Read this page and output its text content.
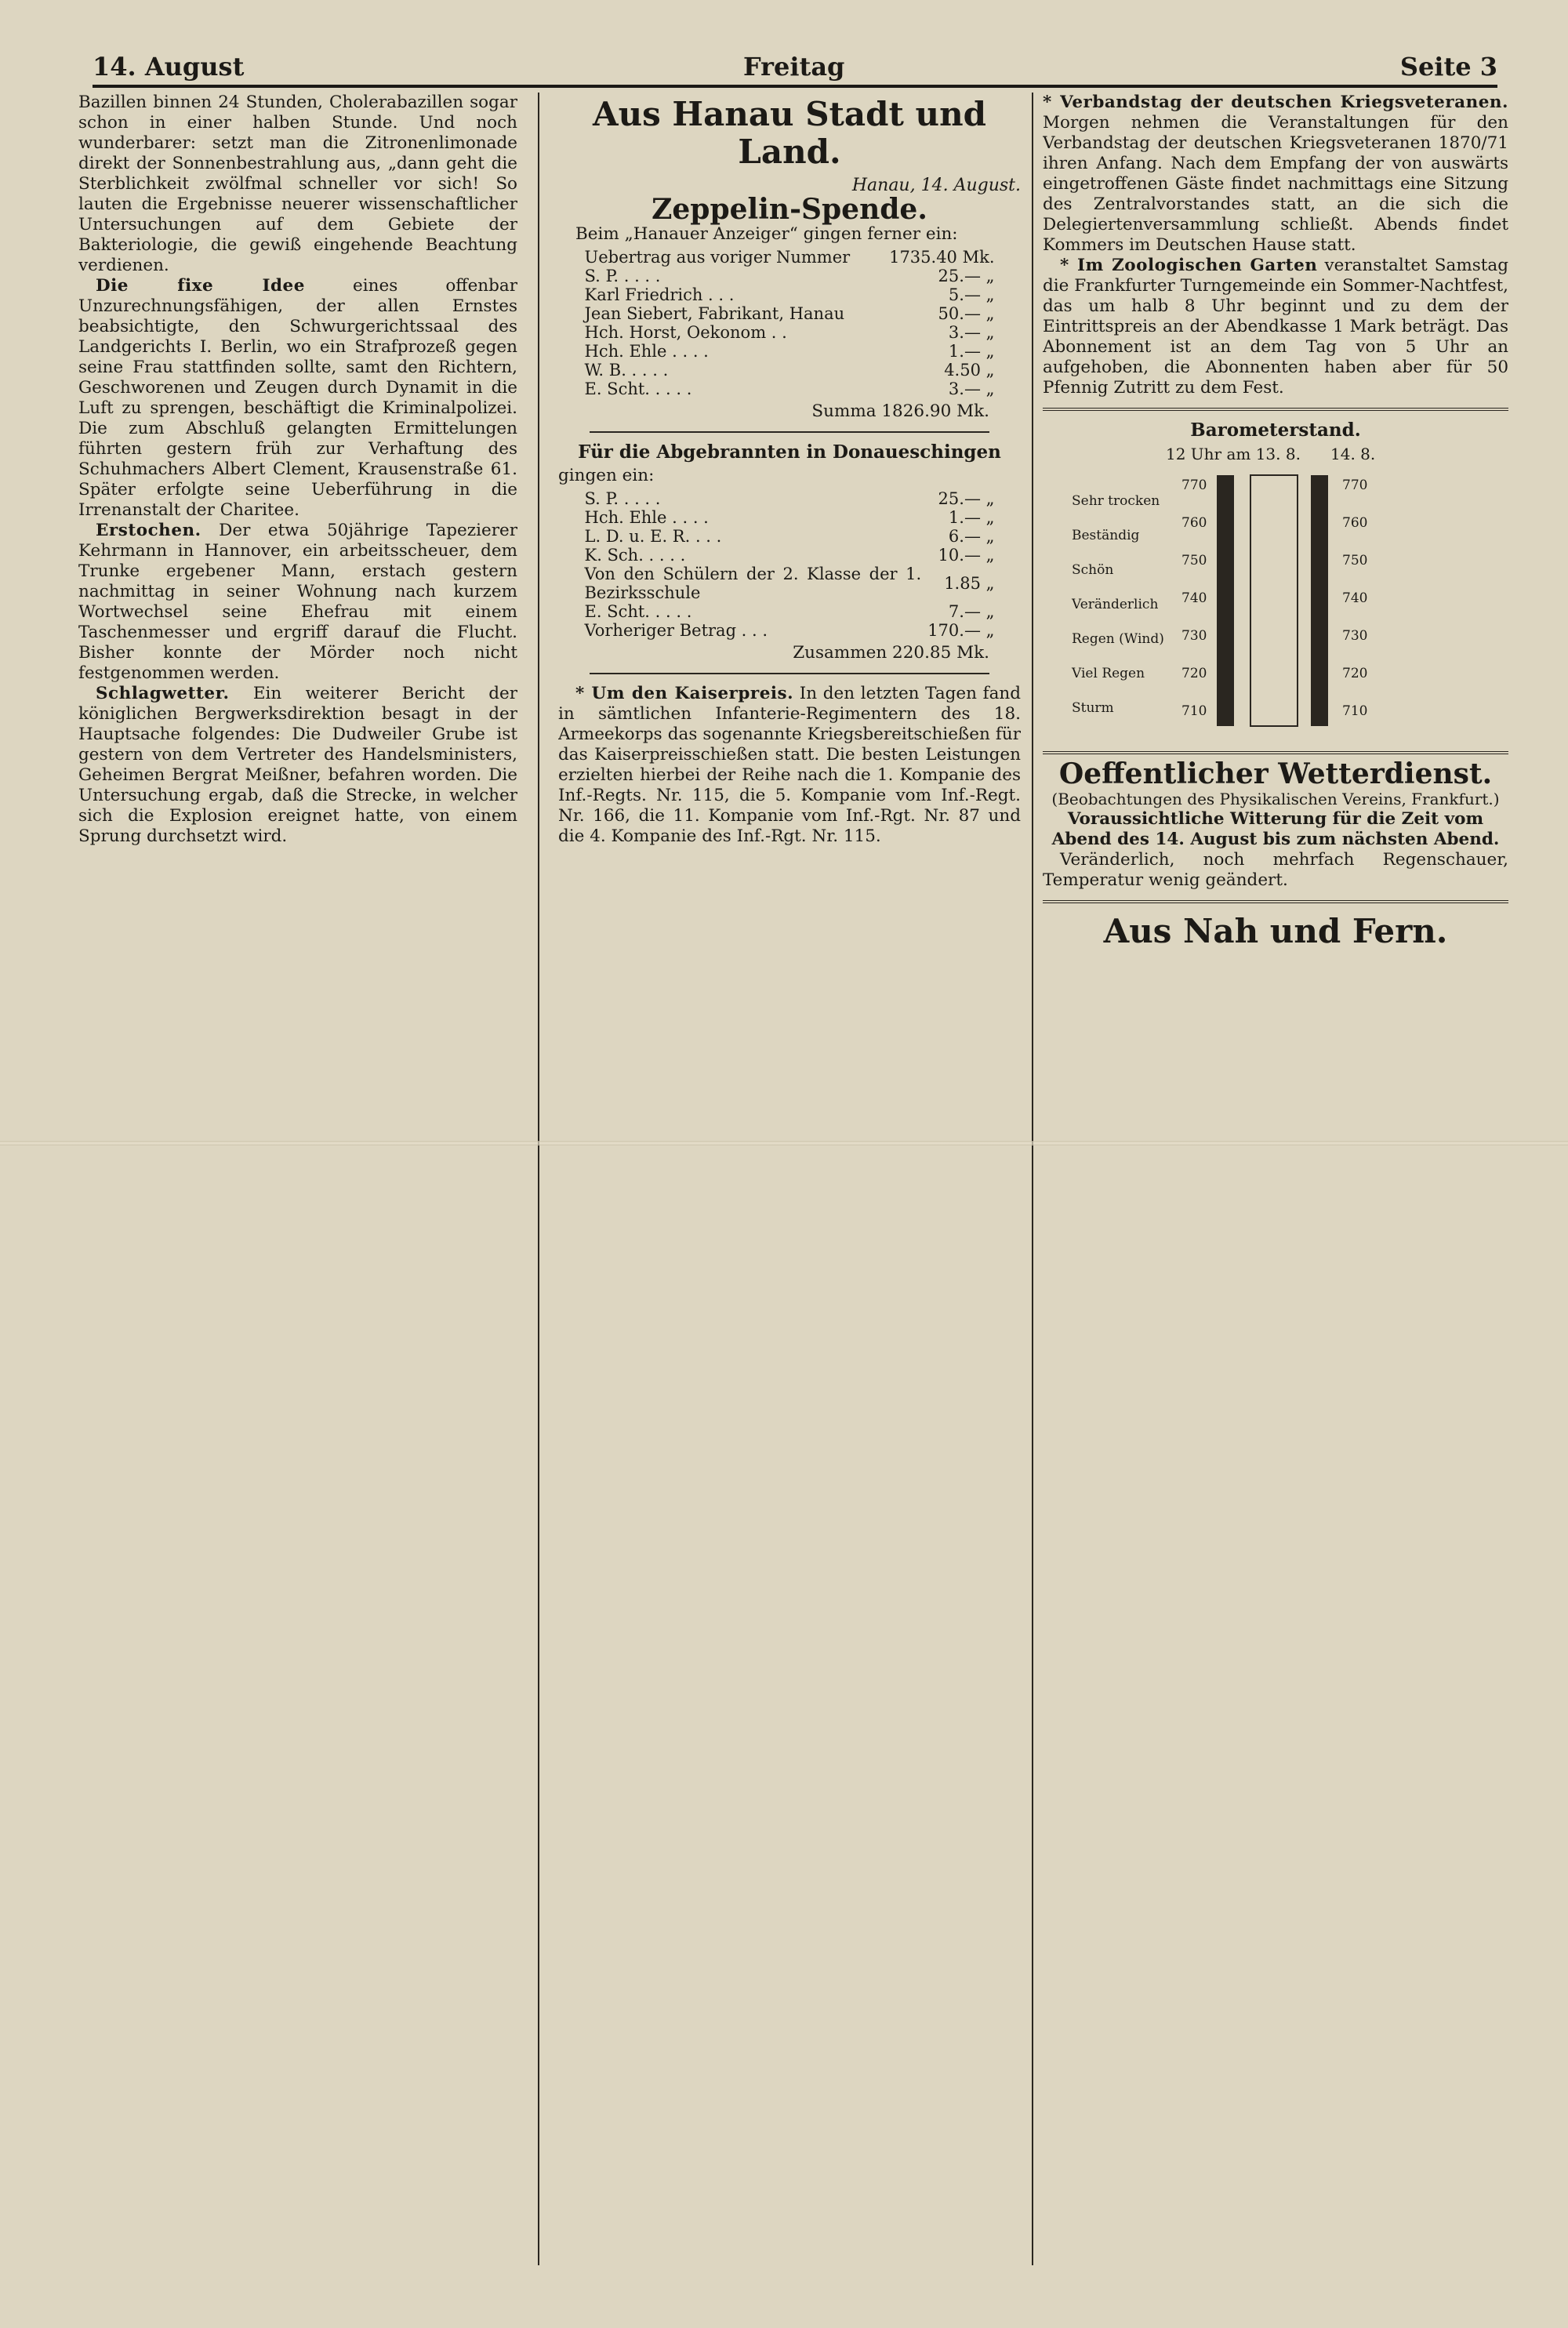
14. August	Freitag	Seite 3

Bazillen binnen 24 Stunden, Cholerabazillen sogar schon in einer halben Stunde. Und noch wunderbarer: setzt man die Zitronenlimonade direkt der Sonnenbestrahlung aus, „dann geht die Sterblichkeit zwölfmal schneller vor sich! So lauten die Ergebnisse neuerer wissenschaftlicher Untersuchungen auf dem Gebiete der Bakteriologie, die gewiß eingehende Beachtung verdienen.

Die fixe Idee eines offenbar Unzurechnungsfähigen, der allen Ernstes beabsichtigte, den Schwurgerichtssaal des Landgerichts I. Berlin, wo ein Strafprozeß gegen seine Frau stattfinden sollte, samt den Richtern, Geschworenen und Zeugen durch Dynamit in die Luft zu sprengen, beschäftigt die Kriminalpolizei. Die zum Abschluß gelangten Ermittelungen führten gestern früh zur Verhaftung des Schuhmachers Albert Clement, Krausenstraße 61. Später erfolgte seine Ueberführung in die Irrenanstalt der Charitee.

Erstochen. Der etwa 50jährige Tapezierer Kehrmann in Hannover, ein arbeitsscheuer, dem Trunke ergebener Mann, erstach gestern nachmittag in seiner Wohnung nach kurzem Wortwechsel seine Ehefrau mit einem Taschenmesser und ergriff darauf die Flucht. Bisher konnte der Mörder noch nicht festgenommen werden.

Schlagwetter. Ein weiterer Bericht der königlichen Bergwerksdirektion besagt in der Hauptsache folgendes: Die Dudweiler Grube ist gestern von dem Vertreter des Handelsministers, Geheimen Bergrat Meißner, befahren worden. Die Untersuchung ergab, daß die Strecke, in welcher sich die Explosion ereignet hatte, von einem Sprung durchsetzt wird.

Aus Hanau Stadt und Land.
Hanau, 14. August.
Zeppelin-Spende.

Beim „Hanauer Anzeiger“ gingen ferner ein:

Uebertrag aus voriger Nummer	1735.40 Mk.
S. P. . . . .	25.— „
Karl Friedrich . . .	5.— „
Jean Siebert, Fabrikant, Hanau	50.— „
Hch. Horst, Oekonom . .	3.— „
Hch. Ehle . . . .	1.— „
W. B. . . . .	4.50 „
E. Scht. . . . .	3.— „
Summa 1826.90 Mk.
Für die Abgebrannten in Donaueschingen
gingen ein:
S. P. . . . .	25.— „
Hch. Ehle . . . .	1.— „
L. D. u. E. R. . . .	6.— „
K. Sch. . . . .	10.— „
Von den Schülern der 2. Klasse der 1. Bezirksschule	1.85 „
E. Scht. . . . .	7.— „
Vorheriger Betrag . . .	170.— „
Zusammen 220.85 Mk.

* Um den Kaiserpreis. In den letzten Tagen fand in sämtlichen Infanterie-Regimentern des 18. Armeekorps das sogenannte Kriegsbereitschießen für das Kaiserpreisschießen statt. Die besten Leistungen erzielten hierbei der Reihe nach die 1. Kompanie des Inf.-Regts. Nr. 115, die 5. Kompanie vom Inf.-Regt. Nr. 166, die 11. Kompanie vom Inf.-Rgt. Nr. 87 und die 4. Kompanie des Inf.-Rgt. Nr. 115.

* Verbandstag der deutschen Kriegsveteranen. Morgen nehmen die Veranstaltungen für den Verbandstag der deutschen Kriegsveteranen 1870/71 ihren Anfang. Nach dem Empfang der von auswärts eingetroffenen Gäste findet nachmittags eine Sitzung des Zentralvorstandes statt, an die sich die Delegiertenversammlung schließt. Abends findet Kommers im Deutschen Hause statt.

* Im Zoologischen Garten veranstaltet Samstag die Frankfurter Turngemeinde ein Sommer-Nachtfest, das um halb 8 Uhr beginnt und zu dem der Eintrittspreis an der Abendkasse 1 Mark beträgt. Das Abonnement ist an dem Tag von 5 Uhr an aufgehoben, die Abonnenten haben aber für 50 Pfennig Zutritt zu dem Fest.

Barometerstand.
12 Uhr am 13. 8. 14. 8.
Sehr trocken
Beständig
Schön
Veränderlich
Regen (Wind)
Viel Regen
Sturm
770	770
760	760
750	750
740	740
730	730
720	720
710	710
Oeffentlicher Wetterdienst.
(Beobachtungen des Physikalischen Vereins, Frankfurt.)
Voraussichtliche Witterung für die Zeit vom Abend des 14. August bis zum nächsten Abend.

Veränderlich, noch mehrfach Regenschauer, Temperatur wenig geändert.

Aus Nah und Fern.
